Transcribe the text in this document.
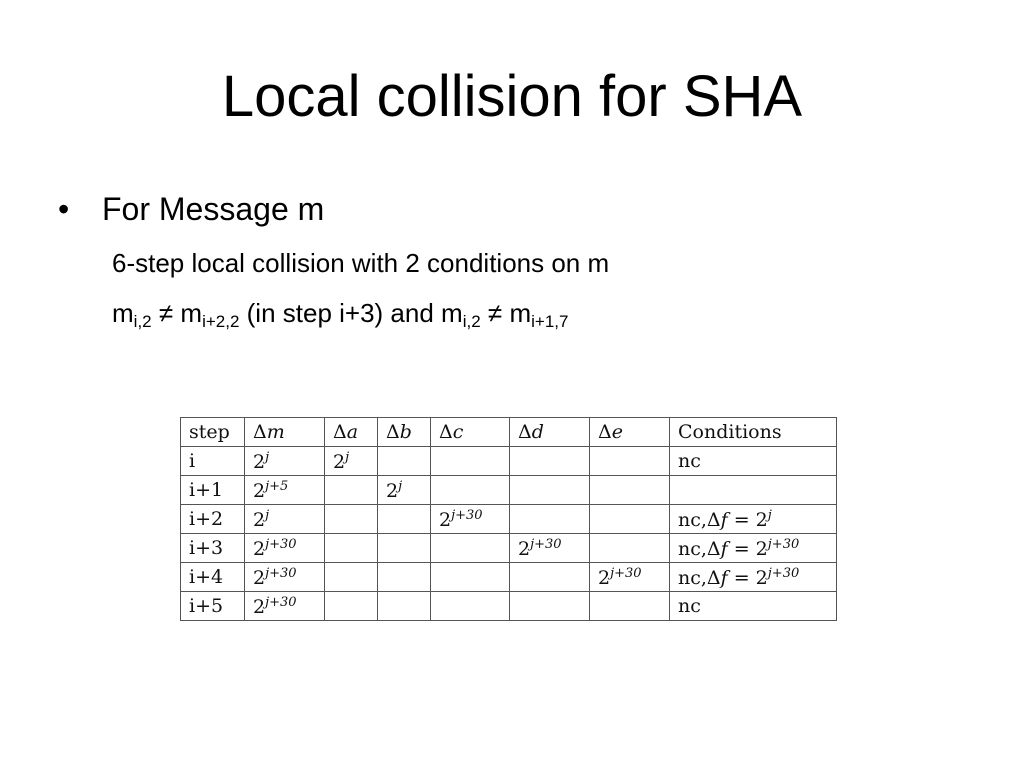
Local collision for SHA
• For Message m
6-step local collision with 2 conditions on m
$m_{i,2} \ne m_{i+2,2}$ (in step i+3) and $m_{i,2} \ne m_{i+1,7}$
step	Δm	Δa	Δb	Δc	Δd	Δe	Conditions
i	2$^j$	2$^j$					nc
i+1	$2^{j+5}$		2$^j$				
i+2	2$^j$			$2^{j+30}$			$nc,\Delta f = 2^j$
i+3	$2^{j+30}$				$2^{j+30}$		$nc,\Delta f = 2^{j+30}$
i+4	$2^{j+30}$					$2^{j+30}$	$nc,\Delta f = 2^{j+30}$
i+5	$2^{j+30}$						nc
